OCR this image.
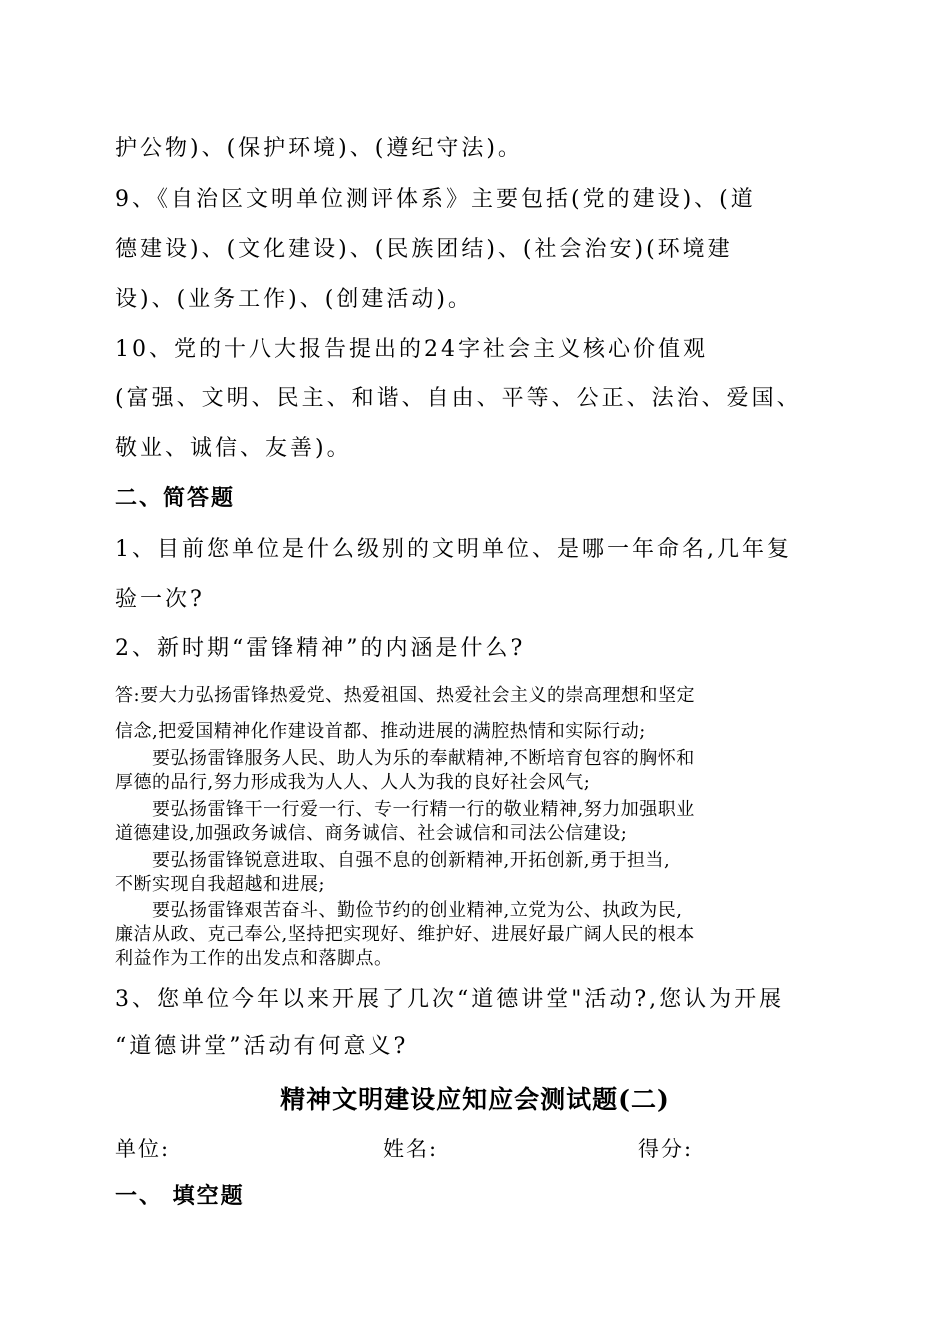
护公物)、(保护环境)、(遵纪守法)。
9、《自治区文明单位测评体系》主要包括(党的建设)、(道
德建设)、(文化建设)、(民族团结)、(社会治安)(环境建
设)、(业务工作)、(创建活动)。
10、党的十八大报告提出的24字社会主义核心价值观
(富强、文明、民主、和谐、自由、平等、公正、法治、爱国、
敬业、诚信、友善)。
二、简答题
1、目前您单位是什么级别的文明单位、是哪一年命名,几年复
验一次?
2、新时期“雷锋精神”的内涵是什么?
答:要大力弘扬雷锋热爱党、热爱祖国、热爱社会主义的崇高理想和坚定
信念,把爱国精神化作建设首都、推动进展的满腔热情和实际行动;
　　要弘扬雷锋服务人民、助人为乐的奉献精神,不断培育包容的胸怀和
厚德的品行,努力形成我为人人、人人为我的良好社会风气;
　　要弘扬雷锋干一行爱一行、专一行精一行的敬业精神,努力加强职业
道德建设,加强政务诚信、商务诚信、社会诚信和司法公信建设;
　　要弘扬雷锋锐意进取、自强不息的创新精神,开拓创新,勇于担当,
不断实现自我超越和进展;
　　要弘扬雷锋艰苦奋斗、勤俭节约的创业精神,立党为公、执政为民,
廉洁从政、克己奉公,坚持把实现好、维护好、进展好最广阔人民的根本
利益作为工作的出发点和落脚点。
3、您单位今年以来开展了几次“道德讲堂"活动?,您认为开展
“道德讲堂”活动有何意义?
精神文明建设应知应会测试题(二)
单位:	姓名:	得分:
一、 填空题
